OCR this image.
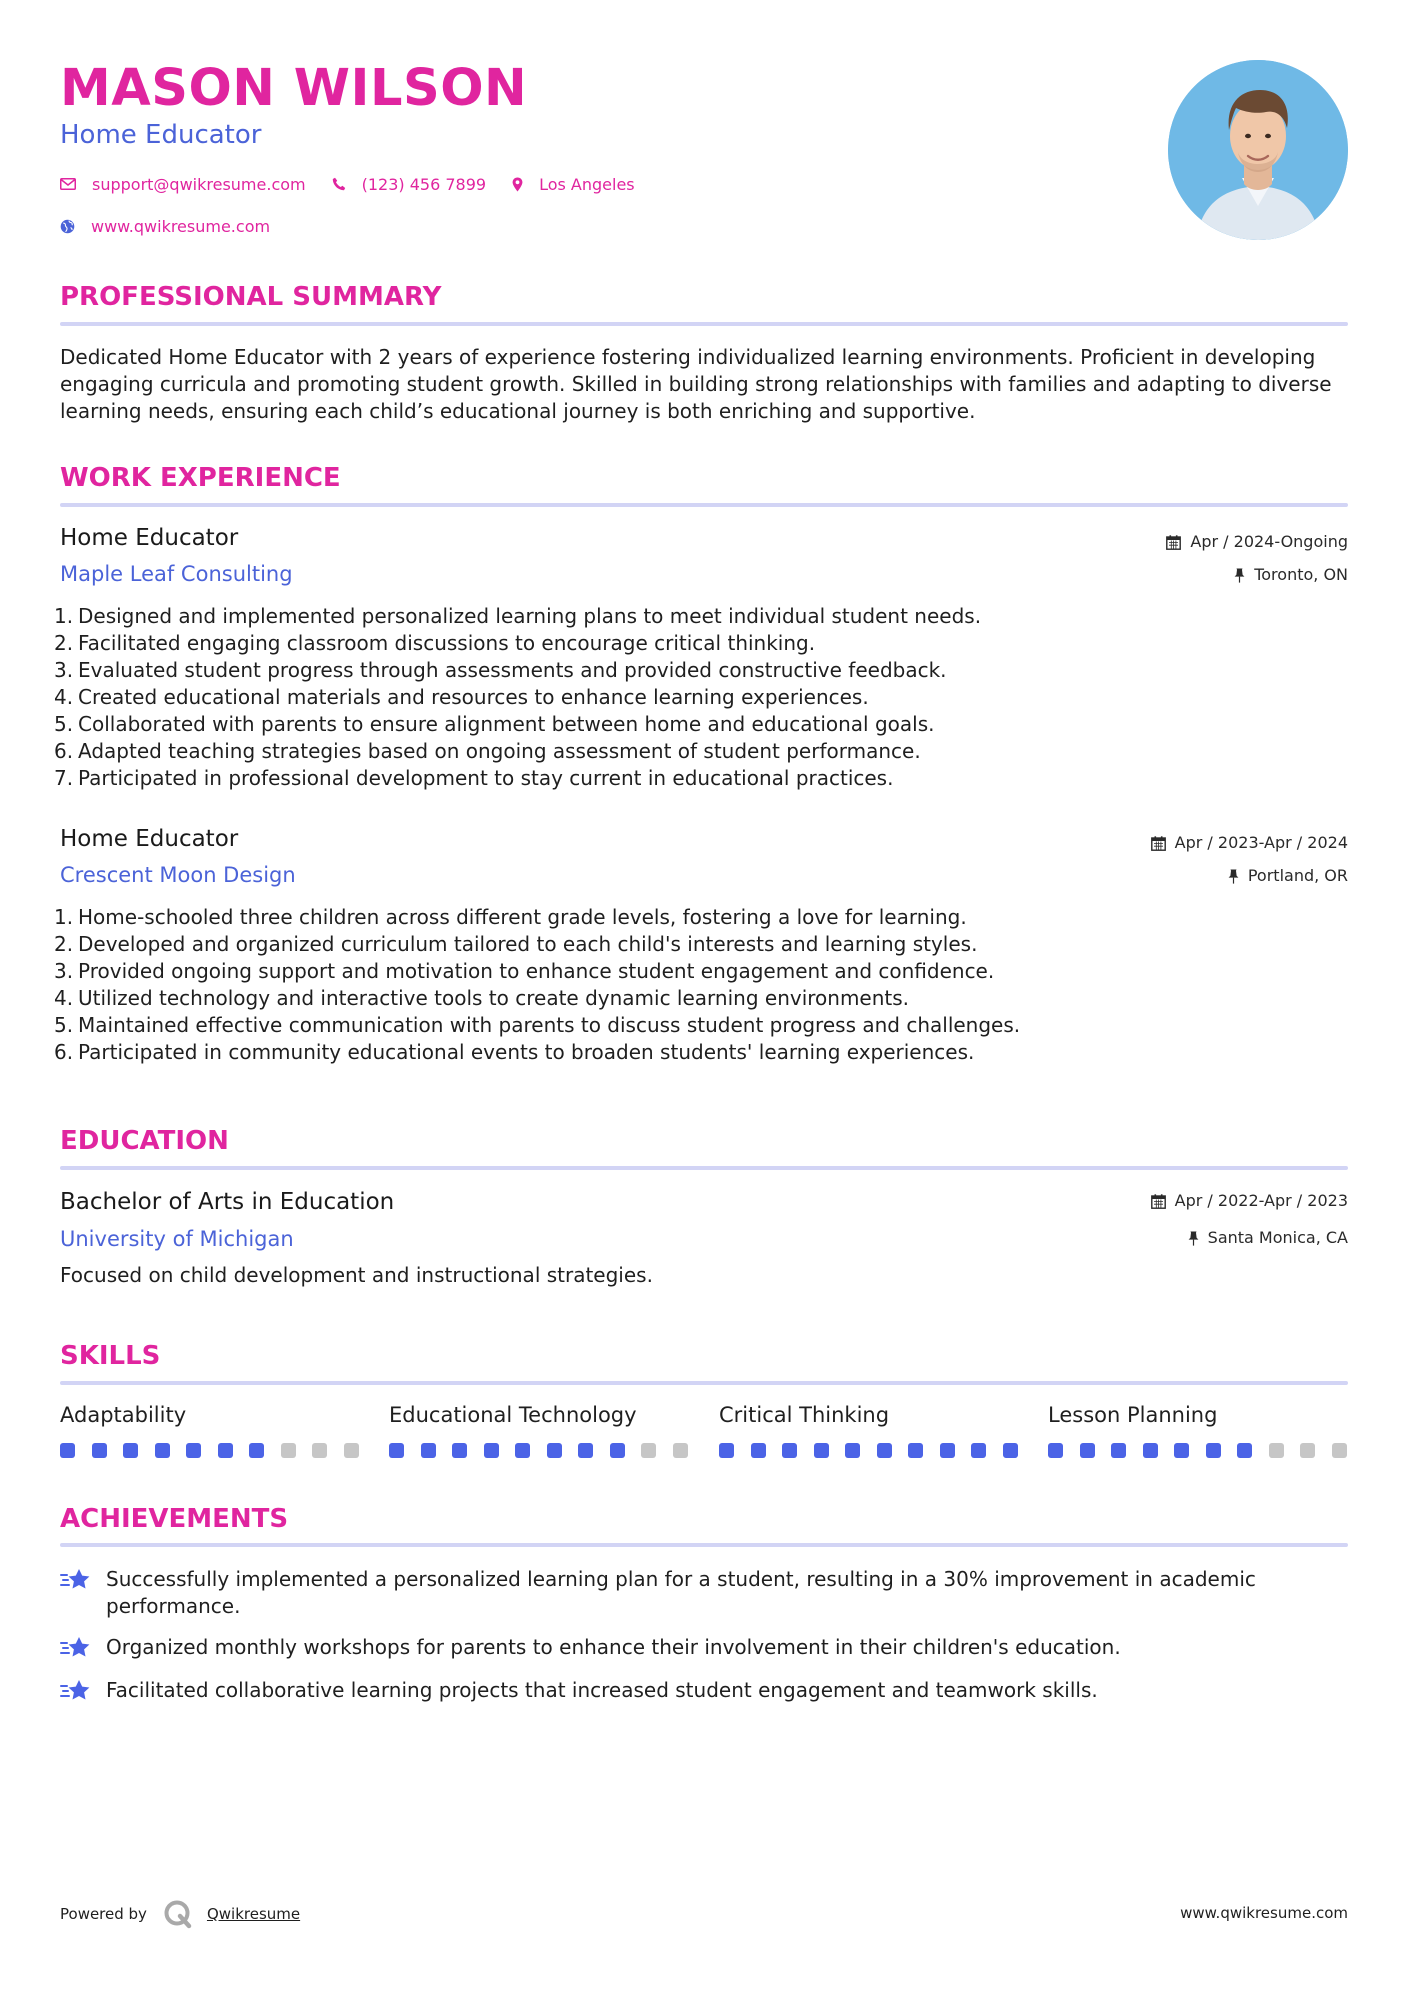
MASON WILSON
Home Educator
support@qwikresume.com	(123) 456 7899	Los Angeles
www.qwikresume.com
PROFESSIONAL SUMMARY
Dedicated Home Educator with 2 years of experience fostering individualized learning environments. Proficient in developing engaging curricula and promoting student growth. Skilled in building strong relationships with families and adapting to diverse learning needs, ensuring each child’s educational journey is both enriching and supportive.
WORK EXPERIENCE
Home Educator
Maple Leaf Consulting
Apr / 2024-Ongoing
Toronto, ON
1. Designed and implemented personalized learning plans to meet individual student needs.
2. Facilitated engaging classroom discussions to encourage critical thinking.
3. Evaluated student progress through assessments and provided constructive feedback.
4. Created educational materials and resources to enhance learning experiences.
5. Collaborated with parents to ensure alignment between home and educational goals.
6. Adapted teaching strategies based on ongoing assessment of student performance.
7. Participated in professional development to stay current in educational practices.
Home Educator
Crescent Moon Design
Apr / 2023-Apr / 2024
Portland, OR
1. Home-schooled three children across different grade levels, fostering a love for learning.
2. Developed and organized curriculum tailored to each child's interests and learning styles.
3. Provided ongoing support and motivation to enhance student engagement and confidence.
4. Utilized technology and interactive tools to create dynamic learning environments.
5. Maintained effective communication with parents to discuss student progress and challenges.
6. Participated in community educational events to broaden students' learning experiences.
EDUCATION
Bachelor of Arts in Education
University of Michigan
Apr / 2022-Apr / 2023
Santa Monica, CA
Focused on child development and instructional strategies.
SKILLS
Adaptability	Educational Technology	Critical Thinking	Lesson Planning
ACHIEVEMENTS
Successfully implemented a personalized learning plan for a student, resulting in a 30% improvement in academic performance.
Organized monthly workshops for parents to enhance their involvement in their children's education.
Facilitated collaborative learning projects that increased student engagement and teamwork skills.
Powered by	Qwikresume	www.qwikresume.com
